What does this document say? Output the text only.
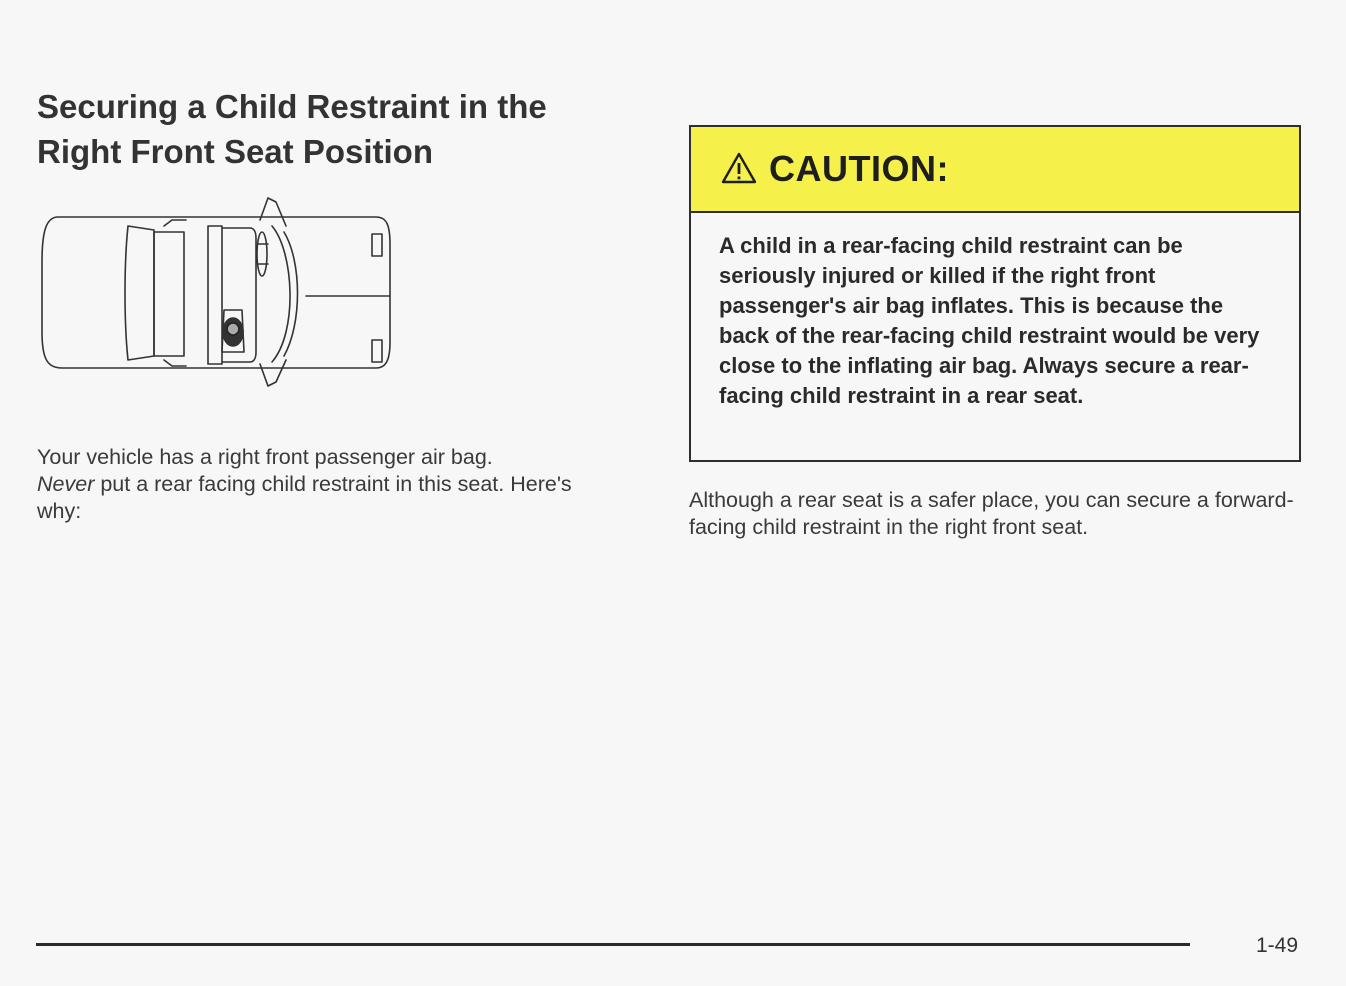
Securing a Child Restraint in the
Right Front Seat Position

Your vehicle has a right front passenger air bag.
Never put a rear facing child restraint in this seat. Here's why:

CAUTION:

A child in a rear-facing child restraint can be seriously injured or killed if the right front passenger's air bag inflates. This is because the back of the rear-facing child restraint would be very close to the inflating air bag. Always secure a rear-facing child restraint in a rear seat.

Although a rear seat is a safer place, you can secure a forward-facing child restraint in the right front seat.

1-49
